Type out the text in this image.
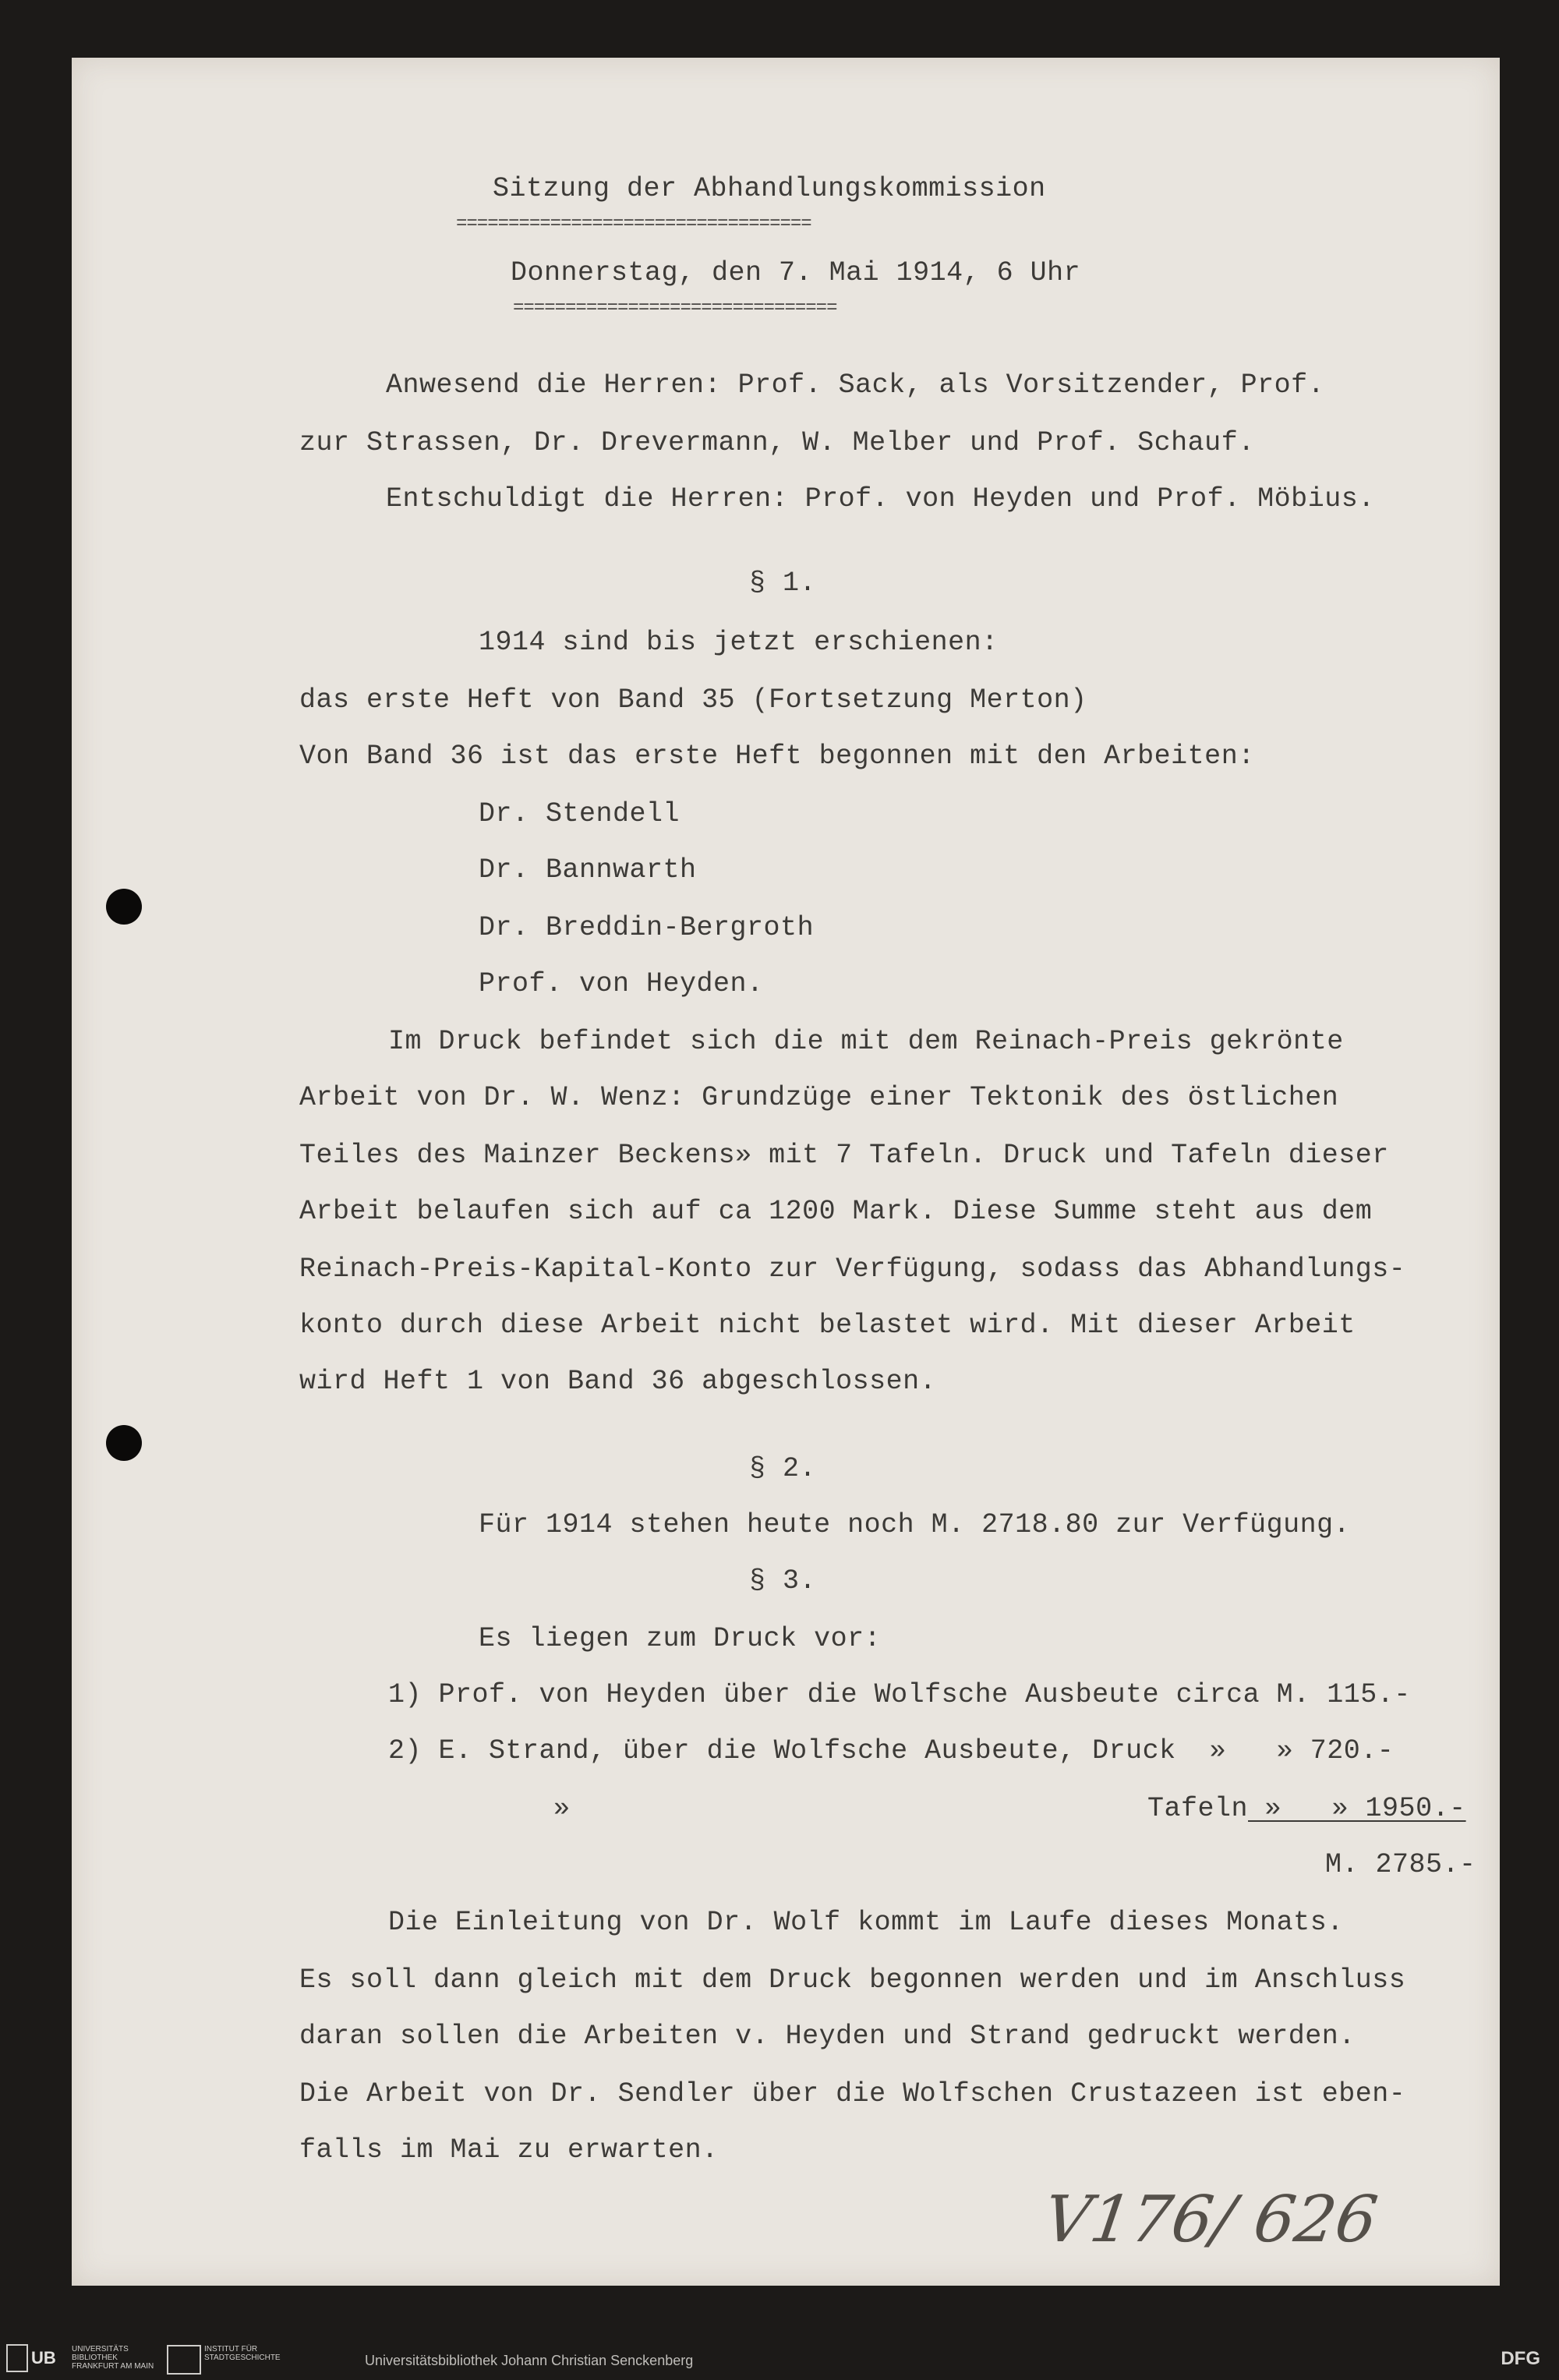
Sitzung der Abhandlungskommission
==================================
Donnerstag, den 7. Mai 1914, 6 Uhr
===============================
Anwesend die Herren: Prof. Sack, als Vorsitzender, Prof.
zur Strassen, Dr. Drevermann, W. Melber und Prof. Schauf.
Entschuldigt die Herren: Prof. von Heyden und Prof. Möbius.
§ 1.
1914 sind bis jetzt erschienen:
das erste Heft von Band 35 (Fortsetzung Merton)
Von Band 36 ist das erste Heft begonnen mit den Arbeiten:
Dr. Stendell
Dr. Bannwarth
Dr. Breddin-Bergroth
Prof. von Heyden.
Im Druck befindet sich die mit dem Reinach-Preis gekrönte
Arbeit von Dr. W. Wenz: Grundzüge einer Tektonik des östlichen
Teiles des Mainzer Beckens» mit 7 Tafeln. Druck und Tafeln dieser
Arbeit belaufen sich auf ca 1200 Mark. Diese Summe steht aus dem
Reinach-Preis-Kapital-Konto zur Verfügung, sodass das Abhandlungs-
konto durch diese Arbeit nicht belastet wird. Mit dieser Arbeit
wird Heft 1 von Band 36 abgeschlossen.
§ 2.
Für 1914 stehen heute noch M. 2718.80 zur Verfügung.
§ 3.
Es liegen zum Druck vor:
1) Prof. von Heyden über die Wolfsche Ausbeute circa M. 115.-
2) E. Strand, über die Wolfsche Ausbeute, Druck  »   » 720.-
»	Tafeln »   » 1950.-
M. 2785.-
Die Einleitung von Dr. Wolf kommt im Laufe dieses Monats.
Es soll dann gleich mit dem Druck begonnen werden und im Anschluss
daran sollen die Arbeiten v. Heyden und Strand gedruckt werden.
Die Arbeit von Dr. Sendler über die Wolfschen Crustazeen ist eben-
falls im Mai zu erwarten.
V176/ 626
UB UNIVERSITÄTS
BIBLIOTHEK
FRANKFURT AM MAIN
INSTITUT FÜR
STADTGESCHICHTE	Universitätsbibliothek Johann Christian Senckenberg	DFG
